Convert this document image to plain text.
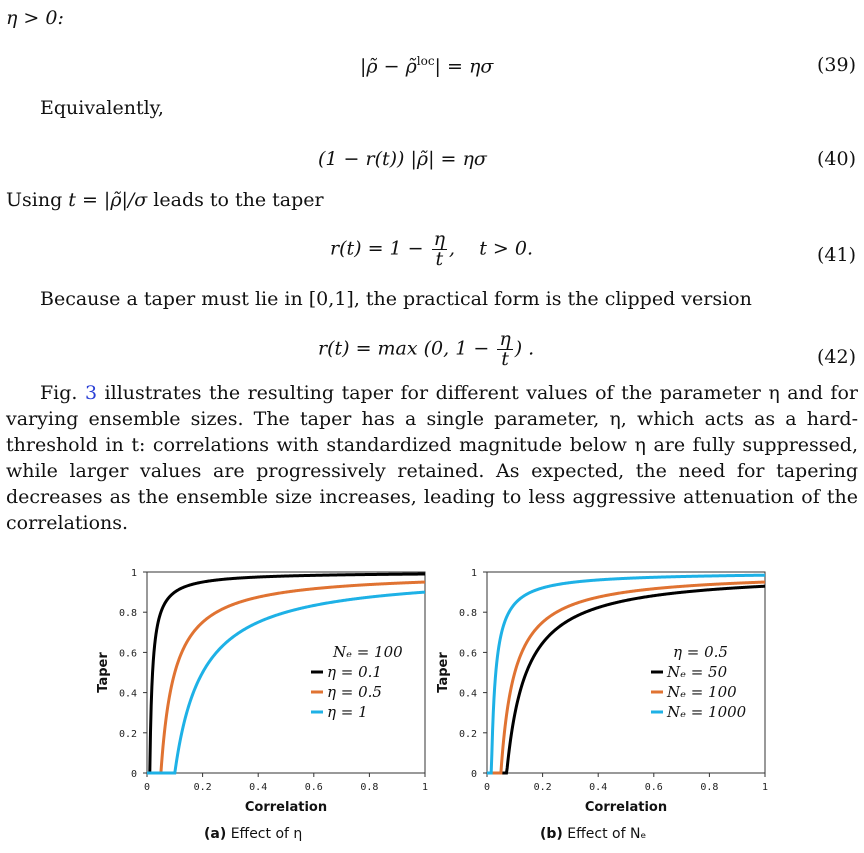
η > 0:
|ρ̃ − ρ̃$^{loc}$| = ησ	(39)
Equivalently,
(1 − r(t)) |ρ̃| = ησ	(40)
Using t = |ρ̃|/σ leads to the taper
$r(t) = 1 - \frac{\eta}{t}$ ,    t > 0.	(41)
Because a taper must lie in [0,1], the practical form is the clipped version
r(t) = max (0, $1 - \frac{\eta}{t}$ ) .	(42)
Fig. 3 illustrates the resulting taper for different values of the parameter η and for varying ensemble sizes. The taper has a single parameter, η, which acts as a hard-threshold in t: correlations with standardized magnitude below η are fully suppressed, while larger values are progressively retained. As expected, the need for tapering decreases as the ensemble size increases, leading to less aggressive attenuation of the correlations.
0	0.2	0.4	0.6	0.8	1
0
0.2
0.4
0.6
0.8
1
Correlation
Taper
Nₑ = 100
η = 0.1
η = 0.5
η = 1
0	0.2	0.4	0.6	0.8	1
0
0.2
0.4
0.6
0.8
1
Correlation
Taper
η = 0.5
Nₑ = 50
Nₑ = 100
Nₑ = 1000
(a) Effect of η	(b) Effect of Nₑ
